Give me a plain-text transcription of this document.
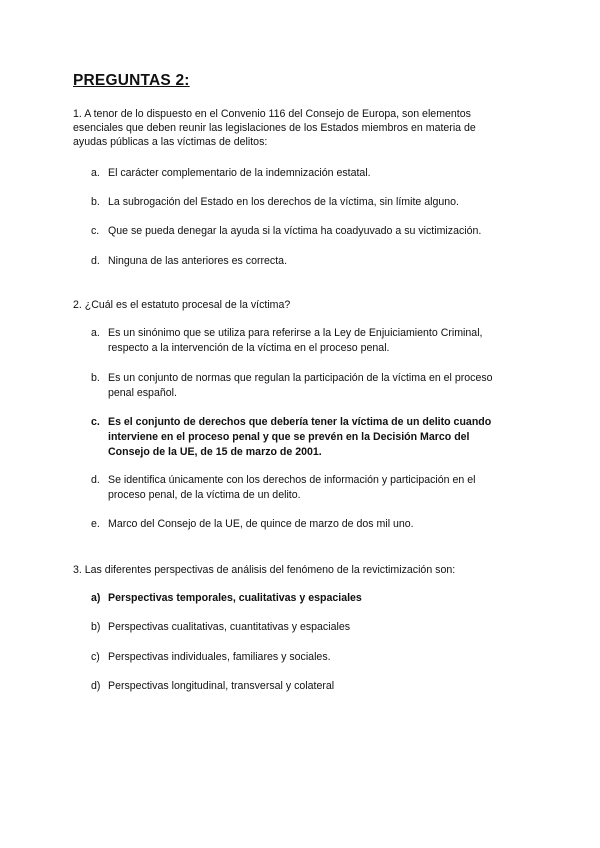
PREGUNTAS 2:
1. A tenor de lo dispuesto en el Convenio 116 del Consejo de Europa, son elementos esenciales que deben reunir las legislaciones de los Estados miembros en materia de ayudas públicas a las víctimas de delitos:
a. El carácter complementario de la indemnización estatal.
b. La subrogación del Estado en los derechos de la víctima, sin límite alguno.
c. Que se pueda denegar la ayuda si la víctima ha coadyuvado a su victimización.
d. Ninguna de las anteriores es correcta.
2. ¿Cuál es el estatuto procesal de la víctima?
a. Es un sinónimo que se utiliza para referirse a la Ley de Enjuiciamiento Criminal, respecto a la intervención de la víctima en el proceso penal.
b. Es un conjunto de normas que regulan la participación de la víctima en el proceso penal español.
c. Es el conjunto de derechos que debería tener la víctima de un delito cuando interviene en el proceso penal y que se prevén en la Decisión Marco del Consejo de la UE, de 15 de marzo de 2001.
d. Se identifica únicamente con los derechos de información y participación en el proceso penal, de la víctima de un delito.
e. Marco del Consejo de la UE, de quince de marzo de dos mil uno.
3. Las diferentes perspectivas de análisis del fenómeno de la revictimización son:
a) Perspectivas temporales, cualitativas y espaciales
b) Perspectivas cualitativas, cuantitativas y espaciales
c) Perspectivas individuales, familiares y sociales.
d) Perspectivas longitudinal, transversal y colateral
